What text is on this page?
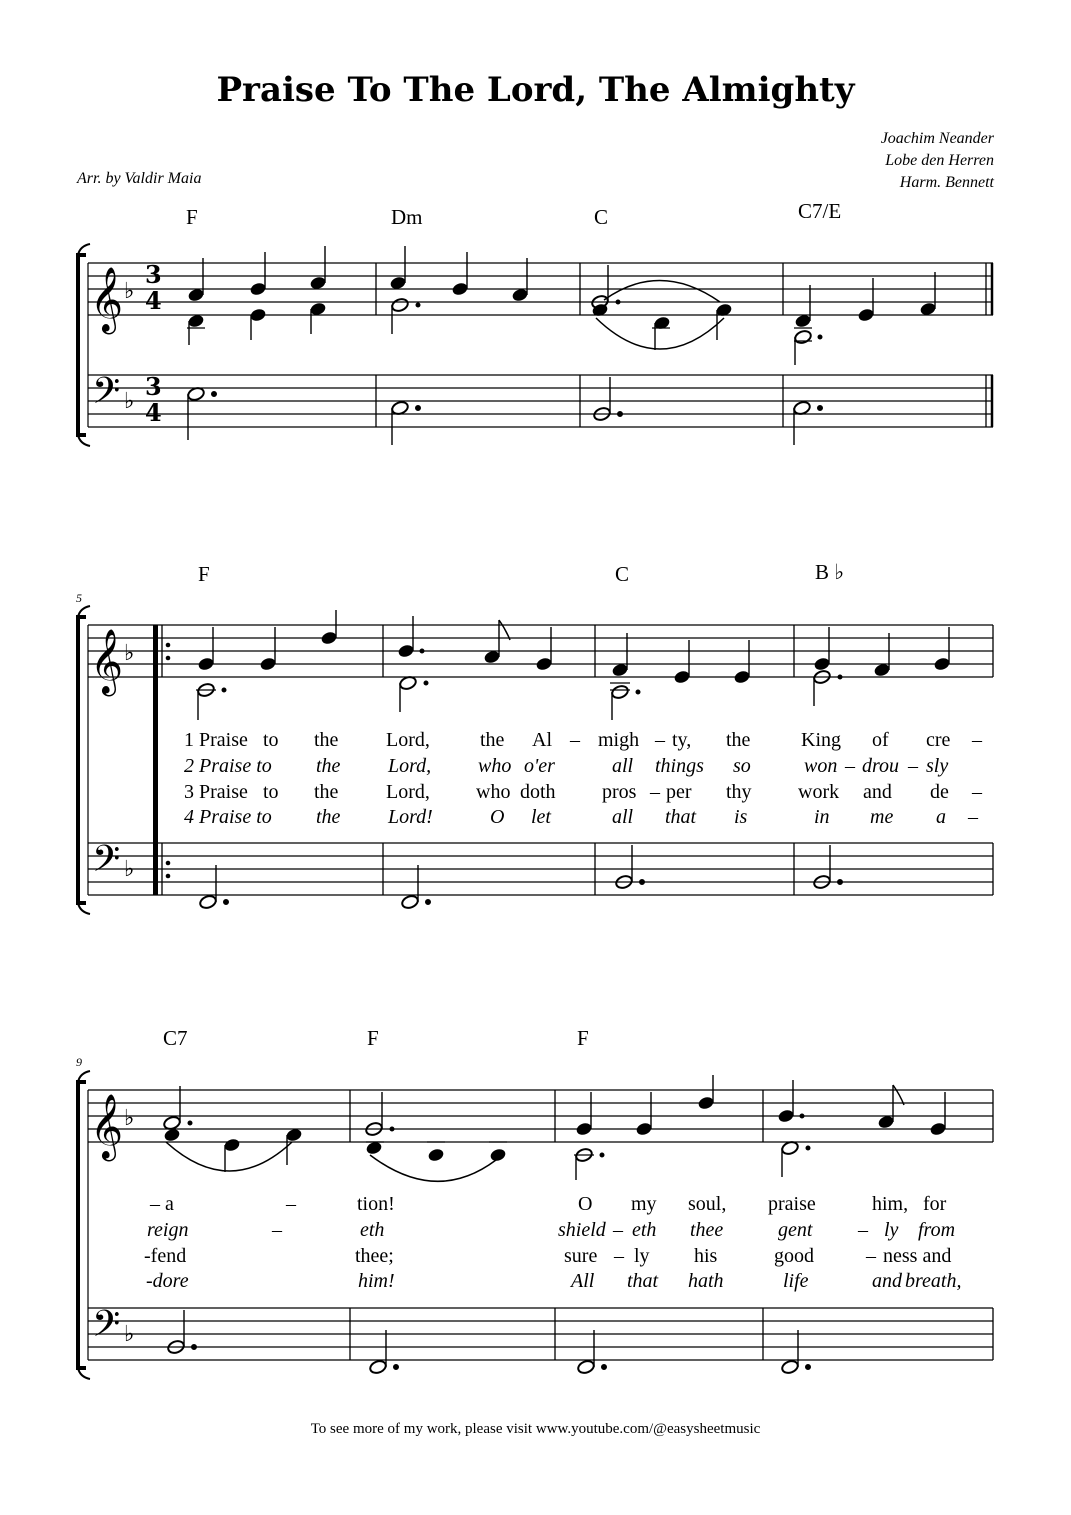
Praise To The Lord, The Almighty
Joachim Neander
Lobe den Herren
Harm. Bennett
Arr. by Valdir Maia
F	Dm	C	C7/E
𝄞
𝄢
♭
♭
3
4
3
4
5
F	C	B ♭
𝄞
𝄢
♭
♭
1 Praise to the Lord,	the Al – migh – ty, the	King of cre –
2 Praise to the Lord, who o'er	all things so	won – drou – sly
3 Praise to the Lord, who doth pros – per thy work and de –
4 Praise to the Lord!	O let	all that is	in me a –
9
C7	F	F
𝄞
𝄢
♭
♭
– a	–	tion!	O my soul, praise	him, for
reign	–	eth	shield – eth thee	gent – ly from
-fend	thee;	sure – ly his	good	– ness and
-dore	him!	All that hath	life	and breath,
To see more of my work, please visit www.youtube.com/@easysheetmusic
